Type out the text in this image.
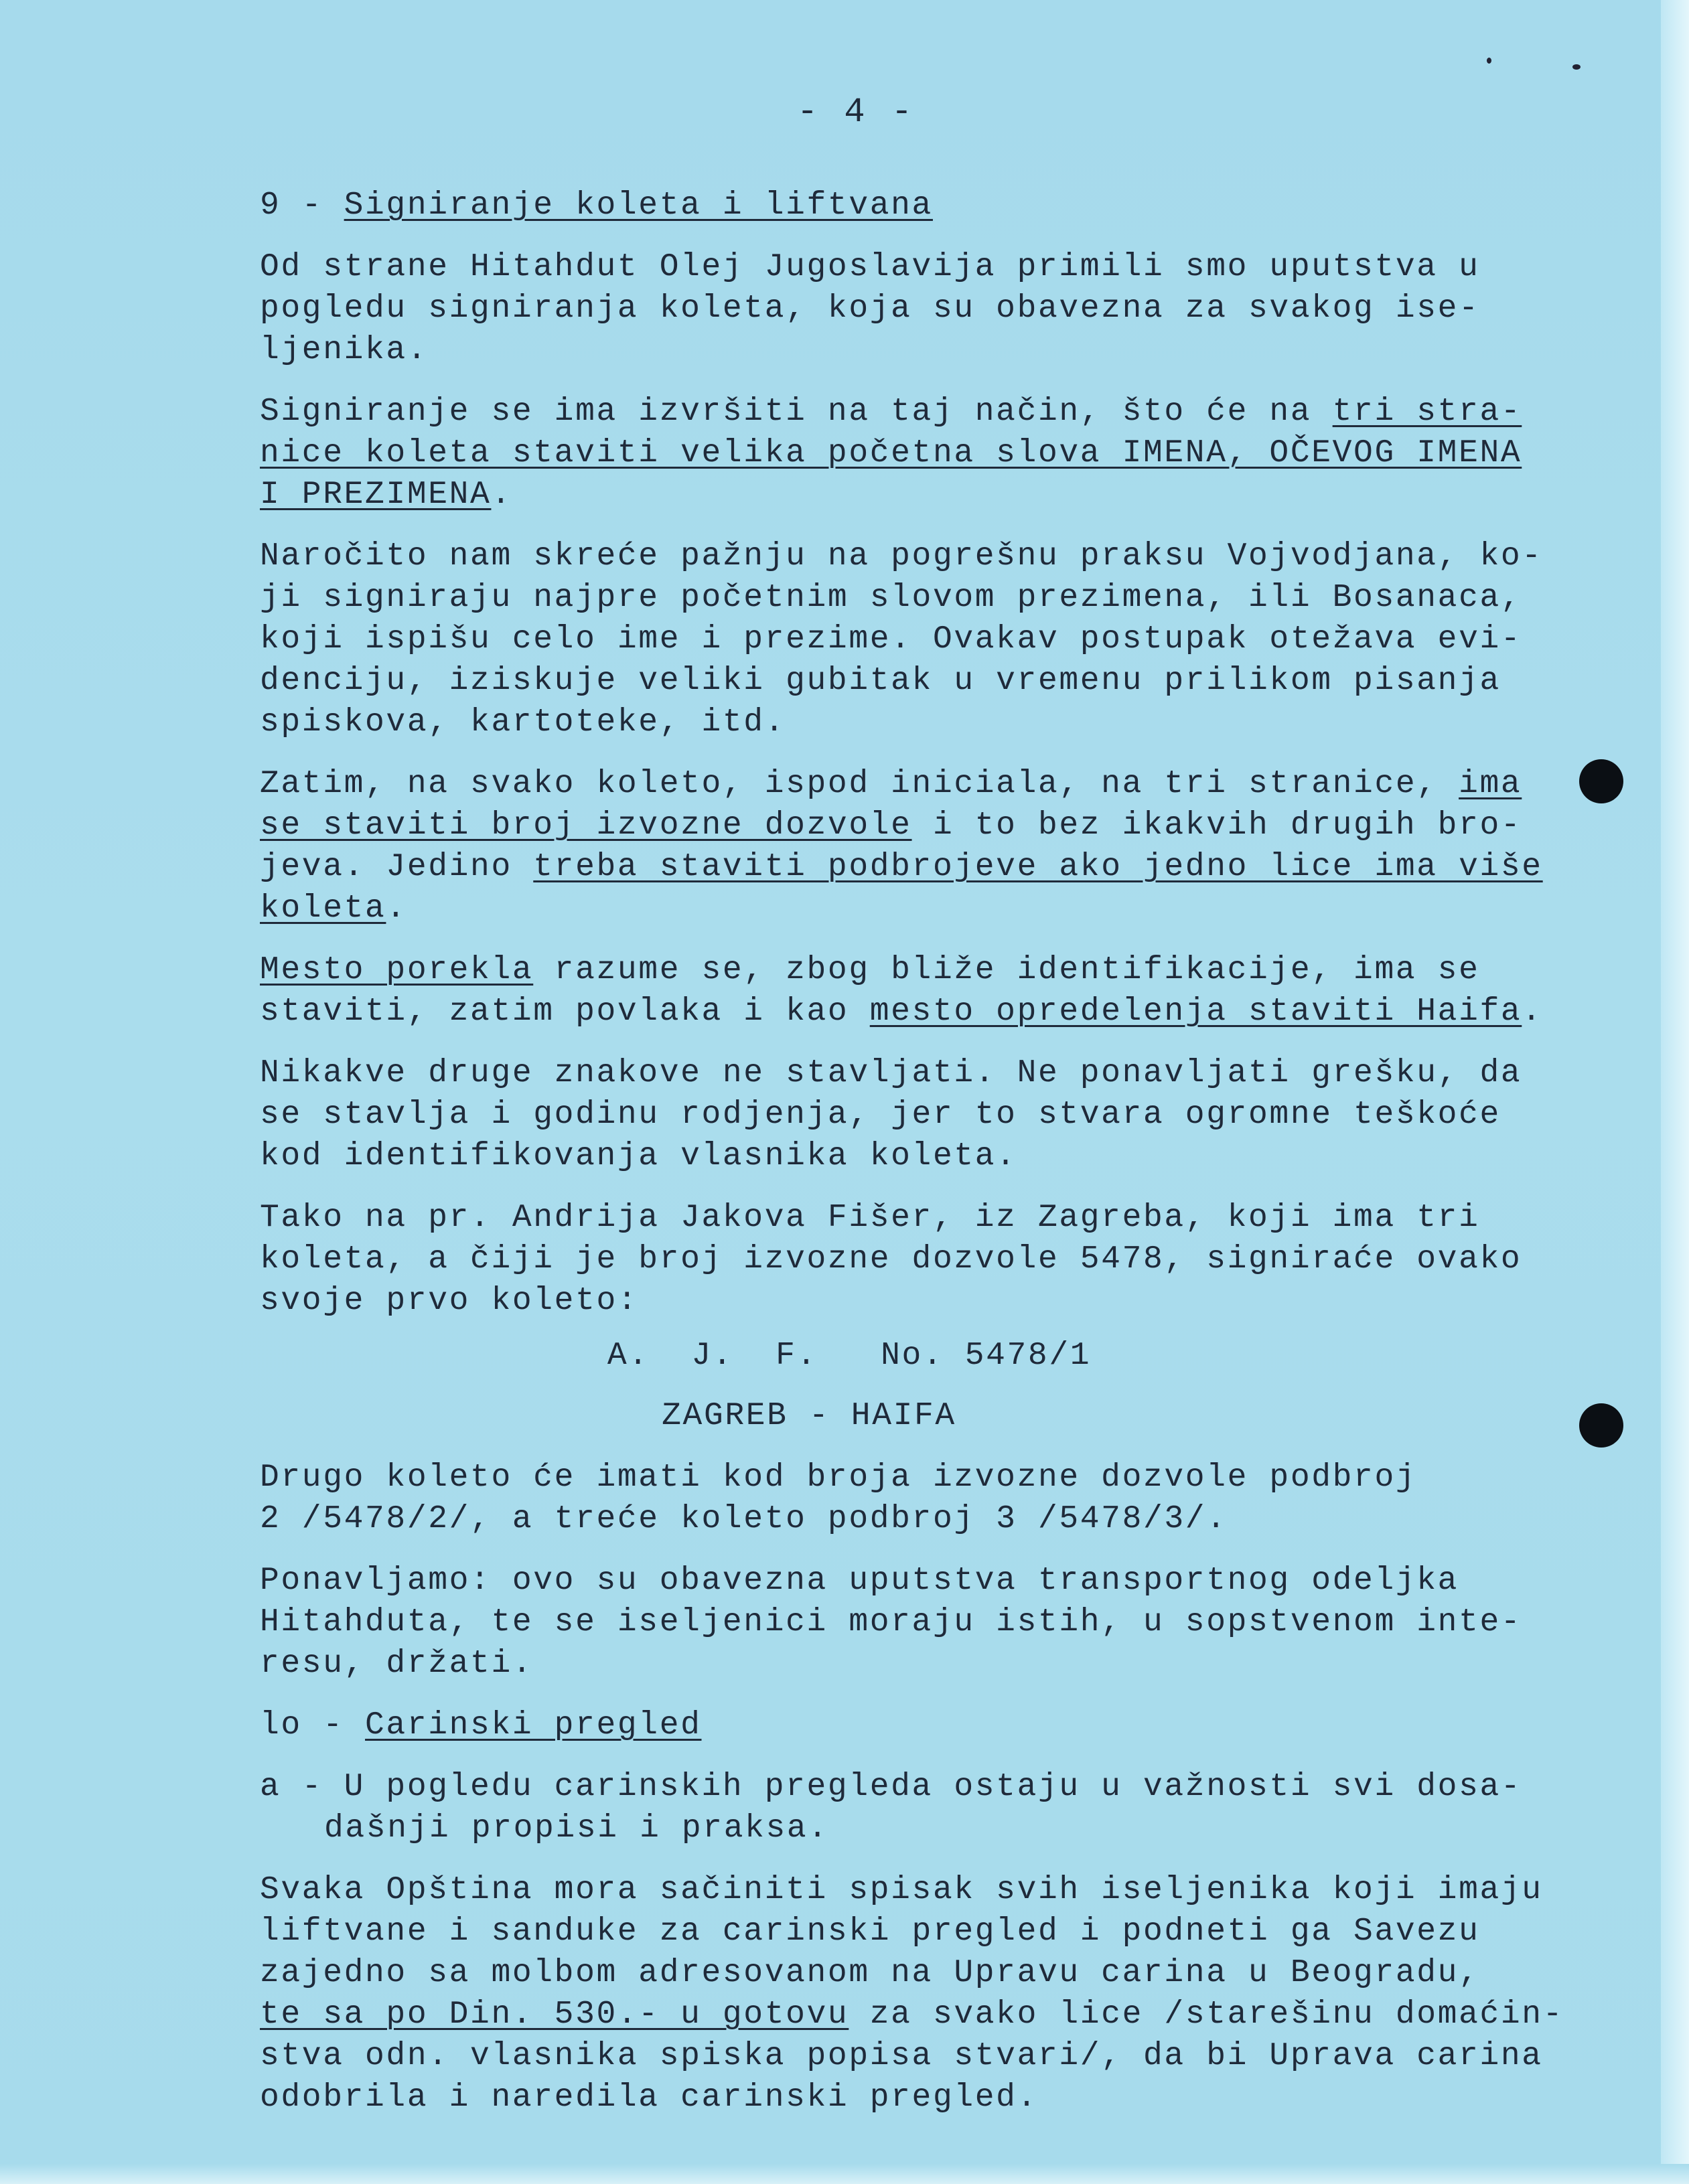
- 4 -
9 - Signiranje koleta i liftvana
Od strane Hitahdut Olej Jugoslavija primili smo uputstva u
pogledu signiranja koleta, koja su obavezna za svakog ise-
ljenika.
Signiranje se ima izvršiti na taj način, što će na tri stra-
nice koleta staviti velika početna slova IMENA, OČEVOG IMENA
I PREZIMENA.
Naročito nam skreće pažnju na pogrešnu praksu Vojvodjana, ko-
ji signiraju najpre početnim slovom prezimena, ili Bosanaca,
koji ispišu celo ime i prezime. Ovakav postupak otežava evi-
denciju, iziskuje veliki gubitak u vremenu prilikom pisanja
spiskova, kartoteke, itd.
Zatim, na svako koleto, ispod iniciala, na tri stranice, ima
se staviti broj izvozne dozvole i to bez ikakvih drugih bro-
jeva. Jedino treba staviti podbrojeve ako jedno lice ima više
koleta.
Mesto porekla razume se, zbog bliže identifikacije, ima se
staviti, zatim povlaka i kao mesto opredelenja staviti Haifa.
Nikakve druge znakove ne stavljati. Ne ponavljati grešku, da
se stavlja i godinu rodjenja, jer to stvara ogromne teškoće
kod identifikovanja vlasnika koleta.
Tako na pr. Andrija Jakova Fišer, iz Zagreba, koji ima tri
koleta, a čiji je broj izvozne dozvole 5478, signiraće ovako
svoje prvo koleto:
A.  J.  F.   No. 5478/1
ZAGREB - HAIFA
Drugo koleto će imati kod broja izvozne dozvole podbroj
2 /5478/2/, a treće koleto podbroj 3 /5478/3/.
Ponavljamo: ovo su obavezna uputstva transportnog odeljka
Hitahduta, te se iseljenici moraju istih, u sopstvenom inte-
resu, držati.
lo - Carinski pregled
a - U pogledu carinskih pregleda ostaju u važnosti svi dosa-
dašnji propisi i praksa.
Svaka Opština mora sačiniti spisak svih iseljenika koji imaju
liftvane i sanduke za carinski pregled i podneti ga Savezu
zajedno sa molbom adresovanom na Upravu carina u Beogradu,
te sa po Din. 530.- u gotovu za svako lice /starešinu domaćin-
stva odn. vlasnika spiska popisa stvari/, da bi Uprava carina
odobrila i naredila carinski pregled.
